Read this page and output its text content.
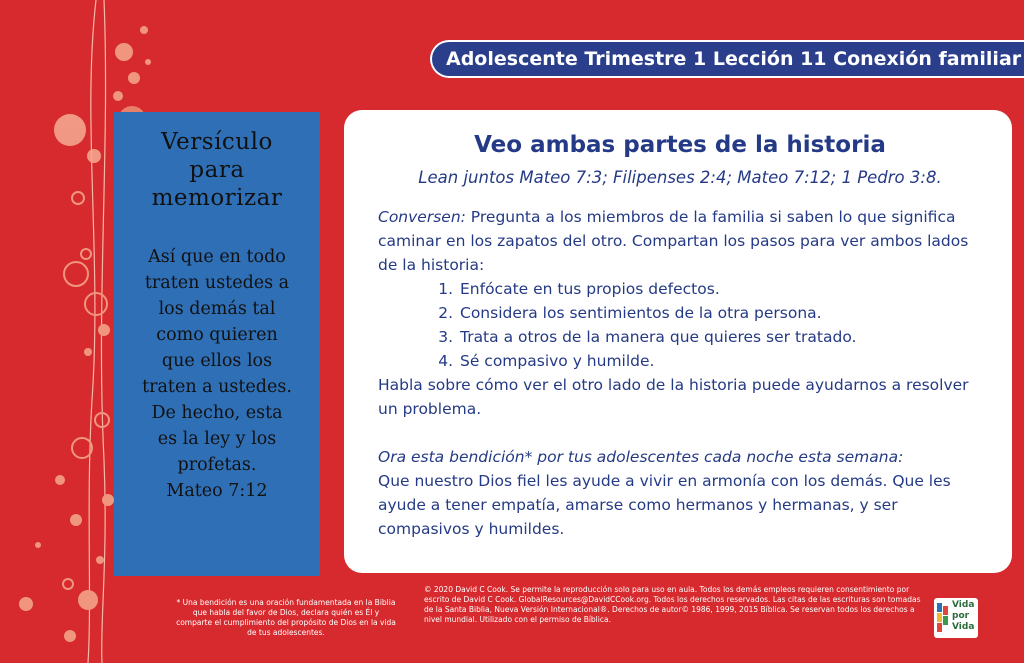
Adolescente Trimestre 1 Lección 11 Conexión familiar
Versículo
para
memorizar
Así que en todo
traten ustedes a
los demás tal
como quieren
que ellos los
traten a ustedes.
De hecho, esta
es la ley y los
profetas.
Mateo 7:12
Veo ambas partes de la historia
Lean juntos Mateo 7:3; Filipenses 2:4; Mateo 7:12; 1 Pedro 3:8.
Conversen: Pregunta a los miembros de la familia si saben lo que significa caminar en los zapatos del otro. Compartan los pasos para ver ambos lados de la historia:
1. Enfócate en tus propios defectos.
2. Considera los sentimientos de la otra persona.
3. Trata a otros de la manera que quieres ser tratado.
4. Sé compasivo y humilde.
Habla sobre cómo ver el otro lado de la historia puede ayudarnos a resolver un problema.
Ora esta bendición* por tus adolescentes cada noche esta semana:
Que nuestro Dios fiel les ayude a vivir en armonía con los demás. Que les ayude a tener empatía, amarse como hermanos y hermanas, y ser compasivos y humildes.
* Una bendición es una oración fundamentada en la Biblia que habla del favor de Dios, declara quién es Él y comparte el cumplimiento del propósito de Dios en la vida de tus adolescentes.
© 2020 David C Cook. Se permite la reproducción solo para uso en aula. Todos los demás empleos requieren consentimiento por escrito de David C Cook. GlobalResources@DavidCCook.org. Todos los derechos reservados. Las citas de las escrituras son tomadas de la Santa Biblia, Nueva Versión Internacional®. Derechos de autor© 1986, 1999, 2015 Bíblica. Se reservan todos los derechos a nivel mundial. Utilizado con el permiso de Bíblica.
Vida
por
Vida
